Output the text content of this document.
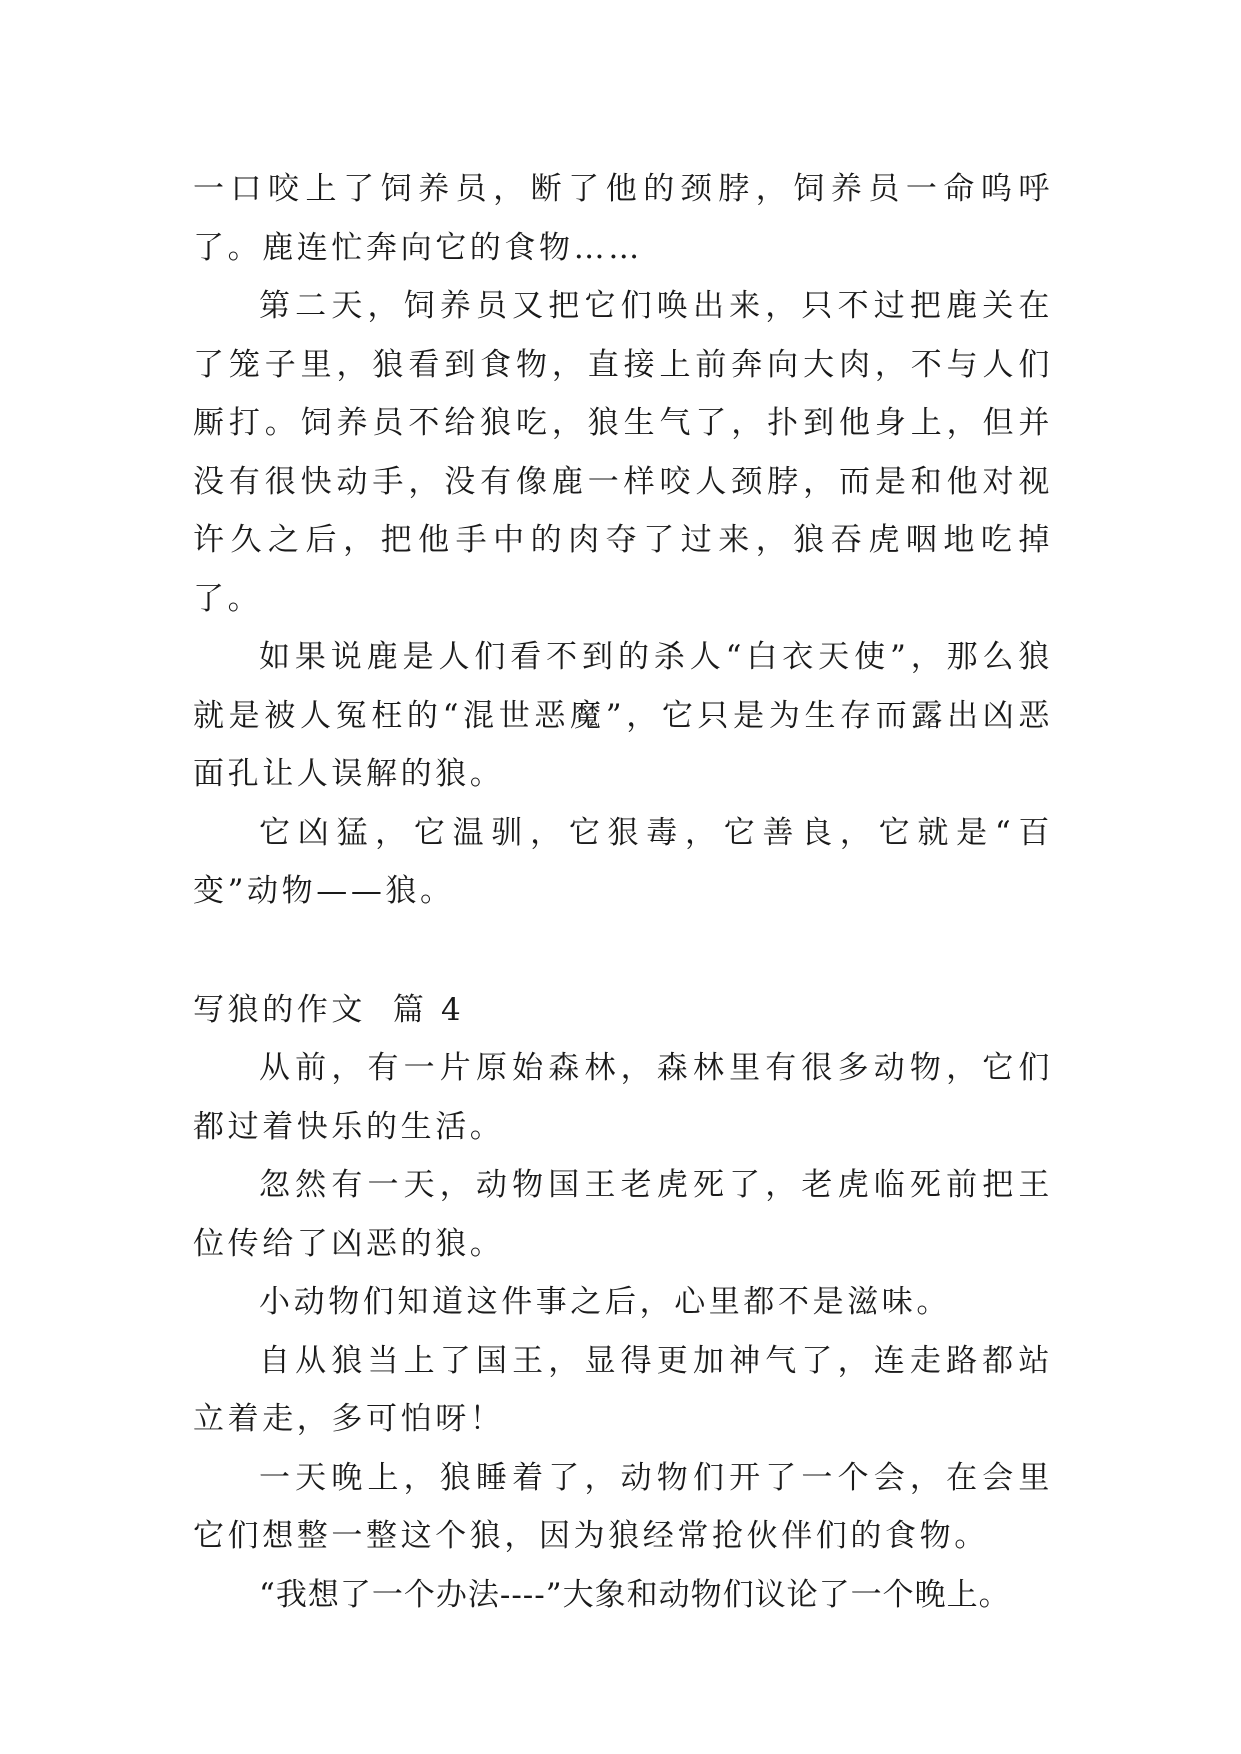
一口咬上了饲养员，断了他的颈脖，饲养员一命呜呼了。鹿连忙奔向它的食物……

第二天，饲养员又把它们唤出来，只不过把鹿关在了笼子里，狼看到食物，直接上前奔向大肉，不与人们厮打。饲养员不给狼吃，狼生气了，扑到他身上，但并没有很快动手，没有像鹿一样咬人颈脖，而是和他对视许久之后，把他手中的肉夺了过来，狼吞虎咽地吃掉了。

如果说鹿是人们看不到的杀人“白衣天使”，那么狼就是被人冤枉的“混世恶魔”，它只是为生存而露出凶恶面孔让人误解的狼。

它凶猛，它温驯，它狠毒，它善良，它就是“百变”动物——狼。

写狼的作文  篇 4

从前，有一片原始森林，森林里有很多动物，它们都过着快乐的生活。

忽然有一天，动物国王老虎死了，老虎临死前把王位传给了凶恶的狼。

小动物们知道这件事之后，心里都不是滋味。

自从狼当上了国王，显得更加神气了，连走路都站立着走，多可怕呀！

一天晚上，狼睡着了，动物们开了一个会，在会里它们想整一整这个狼，因为狼经常抢伙伴们的食物。

“我想了一个办法----”大象和动物们议论了一个晚上。
